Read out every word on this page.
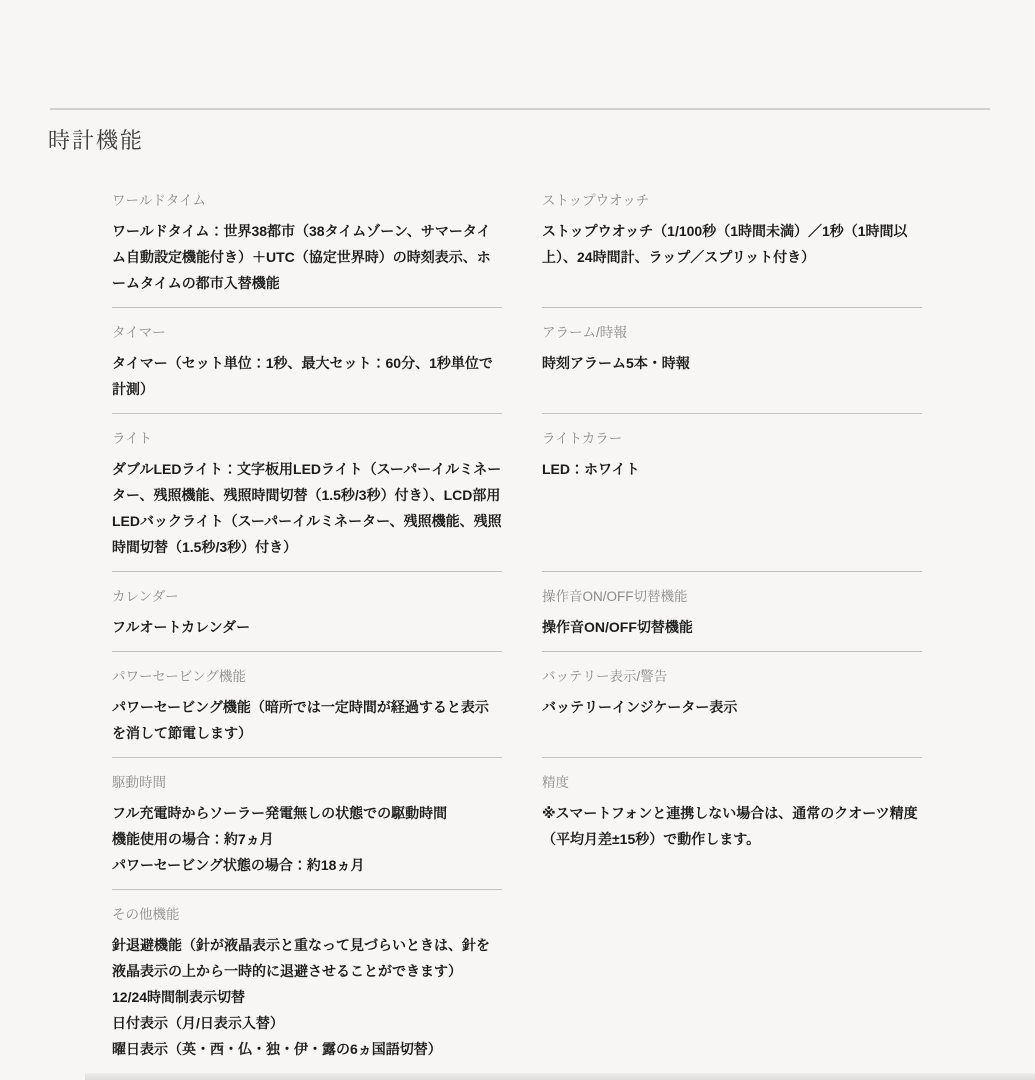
時計機能

ワールドタイム

ワールドタイム：世界38都市（38タイムゾーン、サマータイム自動設定機能付き）＋UTC（協定世界時）の時刻表示、ホームタイムの都市入替機能

ストップウオッチ

ストップウオッチ（1/100秒（1時間未満）／1秒（1時間以上）、24時間計、ラップ／スプリット付き）

タイマー

タイマー（セット単位：1秒、最大セット：60分、1秒単位で計測）

アラーム/時報

時刻アラーム5本・時報

ライト

ダブルLEDライト：文字板用LEDライト（スーパーイルミネーター、残照機能、残照時間切替（1.5秒/3秒）付き）、LCD部用LEDバックライト（スーパーイルミネーター、残照機能、残照時間切替（1.5秒/3秒）付き）

ライトカラー

LED：ホワイト

カレンダー

フルオートカレンダー

操作音ON/OFF切替機能

操作音ON/OFF切替機能

パワーセービング機能

パワーセービング機能（暗所では一定時間が経過すると表示を消して節電します）

バッテリー表示/警告

バッテリーインジケーター表示

駆動時間

フル充電時からソーラー発電無しの状態での駆動時間

機能使用の場合：約7ヵ月

パワーセービング状態の場合：約18ヵ月

精度

※スマートフォンと連携しない場合は、通常のクオーツ精度（平均月差±15秒）で動作します。

その他機能

針退避機能（針が液晶表示と重なって見づらいときは、針を液晶表示の上から一時的に退避させることができます）

12/24時間制表示切替

日付表示（月/日表示入替）

曜日表示（英・西・仏・独・伊・露の6ヵ国語切替）
